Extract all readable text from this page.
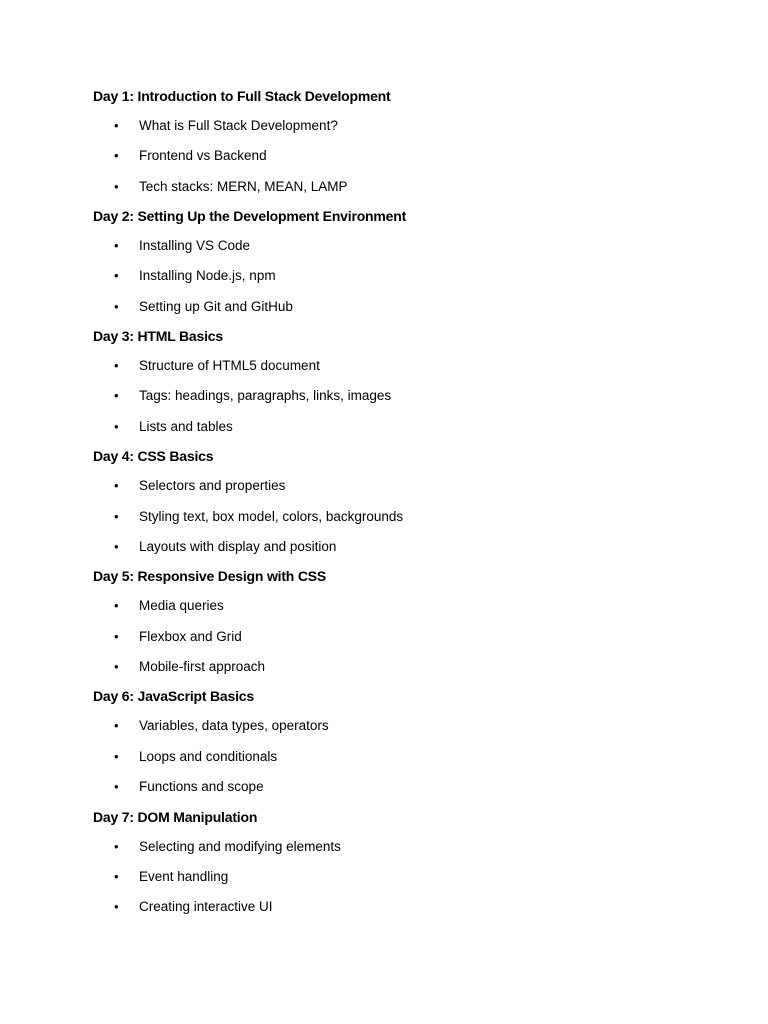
Day 1: Introduction to Full Stack Development
•	What is Full Stack Development?
•	Frontend vs Backend
•	Tech stacks: MERN, MEAN, LAMP
Day 2: Setting Up the Development Environment
•	Installing VS Code
•	Installing Node.js, npm
•	Setting up Git and GitHub
Day 3: HTML Basics
•	Structure of HTML5 document
•	Tags: headings, paragraphs, links, images
•	Lists and tables
Day 4: CSS Basics
•	Selectors and properties
•	Styling text, box model, colors, backgrounds
•	Layouts with display and position
Day 5: Responsive Design with CSS
•	Media queries
•	Flexbox and Grid
•	Mobile-first approach
Day 6: JavaScript Basics
•	Variables, data types, operators
•	Loops and conditionals
•	Functions and scope
Day 7: DOM Manipulation
•	Selecting and modifying elements
•	Event handling
•	Creating interactive UI
